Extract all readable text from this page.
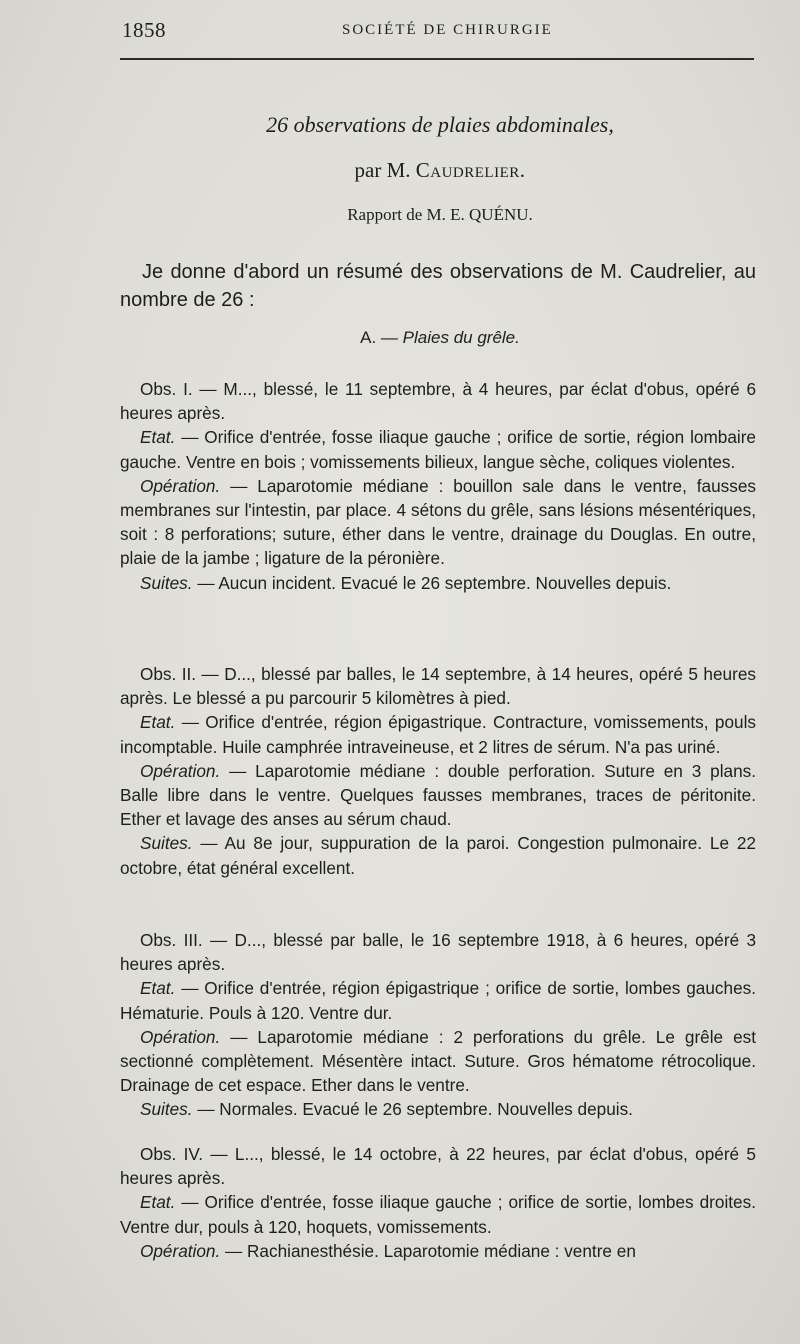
1858	SOCIÉTÉ DE CHIRURGIE
26 observations de plaies abdominales,
par M. Caudrelier.
Rapport de M. E. QUÉNU.
Je donne d'abord un résumé des observations de M. Caudrelier, au nombre de 26 :
A. — Plaies du grêle.

Obs. I. — M..., blessé, le 11 septembre, à 4 heures, par éclat d'obus, opéré 6 heures après.

Etat. — Orifice d'entrée, fosse iliaque gauche ; orifice de sortie, région lombaire gauche. Ventre en bois ; vomissements bilieux, langue sèche, coliques violentes.

Opération. — Laparotomie médiane : bouillon sale dans le ventre, fausses membranes sur l'intestin, par place. 4 sétons du grêle, sans lésions mésentériques, soit : 8 perforations; suture, éther dans le ventre, drainage du Douglas. En outre, plaie de la jambe ; ligature de la péronière.

Suites. — Aucun incident. Evacué le 26 septembre. Nouvelles depuis.

Obs. II. — D..., blessé par balles, le 14 septembre, à 14 heures, opéré 5 heures après. Le blessé a pu parcourir 5 kilomètres à pied.

Etat. — Orifice d'entrée, région épigastrique. Contracture, vomissements, pouls incomptable. Huile camphrée intraveineuse, et 2 litres de sérum. N'a pas uriné.

Opération. — Laparotomie médiane : double perforation. Suture en 3 plans. Balle libre dans le ventre. Quelques fausses membranes, traces de péritonite. Ether et lavage des anses au sérum chaud.

Suites. — Au 8e jour, suppuration de la paroi. Congestion pulmonaire. Le 22 octobre, état général excellent.

Obs. III. — D..., blessé par balle, le 16 septembre 1918, à 6 heures, opéré 3 heures après.

Etat. — Orifice d'entrée, région épigastrique ; orifice de sortie, lombes gauches. Hématurie. Pouls à 120. Ventre dur.

Opération. — Laparotomie médiane : 2 perforations du grêle. Le grêle est sectionné complètement. Mésentère intact. Suture. Gros hématome rétrocolique. Drainage de cet espace. Ether dans le ventre.

Suites. — Normales. Evacué le 26 septembre. Nouvelles depuis.

Obs. IV. — L..., blessé, le 14 octobre, à 22 heures, par éclat d'obus, opéré 5 heures après.

Etat. — Orifice d'entrée, fosse iliaque gauche ; orifice de sortie, lombes droites. Ventre dur, pouls à 120, hoquets, vomissements.

Opération. — Rachianesthésie. Laparotomie médiane : ventre en
